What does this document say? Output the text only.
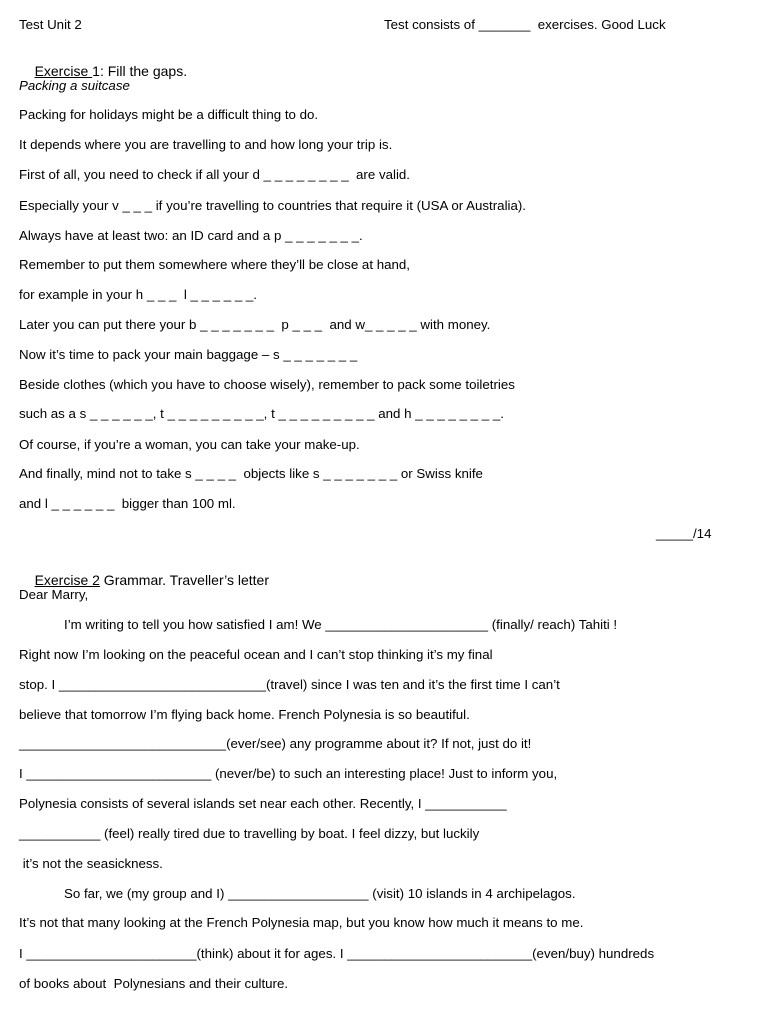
Test Unit 2	Test consists of _______  exercises. Good Luck

Exercise 1: Fill the gaps.

Packing a suitcase
Packing for holidays might be a difficult thing to do.
It depends where you are travelling to and how long your trip is.
First of all, you need to check if all your d _ _ _ _ _ _ _ _  are valid.
Especially your v _ _ _ if you’re travelling to countries that require it (USA or Australia).
Always have at least two: an ID card and a p _ _ _ _ _ _ _.
Remember to put them somewhere where they’ll be close at hand,
for example in your h _ _ _  l _ _ _ _ _ _.
Later you can put there your b _ _ _ _ _ _ _  p _ _ _  and w_ _ _ _ _ with money.
Now it’s time to pack your main baggage – s _ _ _ _ _ _ _
Beside clothes (which you have to choose wisely), remember to pack some toiletries
such as a s _ _ _ _ _ _, t _ _ _ _ _ _ _ _ _, t _ _ _ _ _ _ _ _ _ and h _ _ _ _ _ _ _ _.
Of course, if you’re a woman, you can take your make-up.
And finally, mind not to take s _ _ _ _  objects like s _ _ _ _ _ _ _ or Swiss knife
and l _ _ _ _ _ _  bigger than 100 ml.
_____/14

Exercise 2 Grammar. Traveller’s letter

Dear Marry,
I’m writing to tell you how satisfied I am! We ______________________ (finally/ reach) Tahiti !
Right now I’m looking on the peaceful ocean and I can’t stop thinking it’s my final
stop. I ____________________________(travel) since I was ten and it’s the first time I can’t
believe that tomorrow I’m flying back home. French Polynesia is so beautiful.
____________________________(ever/see) any programme about it? If not, just do it!
I _________________________ (never/be) to such an interesting place! Just to inform you,
Polynesia consists of several islands set near each other. Recently, I ___________
___________ (feel) really tired due to travelling by boat. I feel dizzy, but luckily
it’s not the seasickness.
So far, we (my group and I) ___________________ (visit) 10 islands in 4 archipelagos.
It’s not that many looking at the French Polynesia map, but you know how much it means to me.
I _______________________(think) about it for ages. I _________________________(even/buy) hundreds
of books about  Polynesians and their culture.
